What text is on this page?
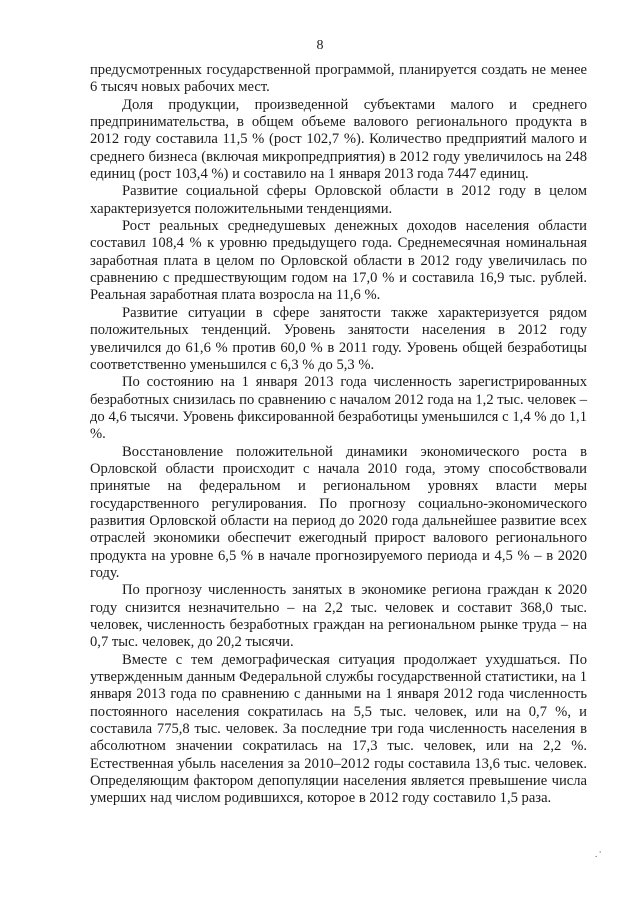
8

предусмотренных государственной программой, планируется создать не менее 6 тысяч новых рабочих мест.

Доля продукции, произведенной субъектами малого и среднего предпринимательства, в общем объеме валового регионального продукта в 2012 году составила 11,5 % (рост 102,7 %). Количество предприятий малого и среднего бизнеса (включая микропредприятия) в 2012 году увеличилось на 248 единиц (рост 103,4 %) и составило на 1 января 2013 года 7447 единиц.

Развитие социальной сферы Орловской области в 2012 году в целом характеризуется положительными тенденциями.

Рост реальных среднедушевых денежных доходов населения области составил 108,4 % к уровню предыдущего года. Среднемесячная номинальная заработная плата в целом по Орловской области в 2012 году увеличилась по сравнению с предшествующим годом на 17,0 % и составила 16,9 тыс. рублей. Реальная заработная плата возросла на 11,6 %.

Развитие ситуации в сфере занятости также характеризуется рядом положительных тенденций. Уровень занятости населения в 2012 году увеличился до 61,6 % против 60,0 % в 2011 году. Уровень общей безработицы соответственно уменьшился с 6,3 % до 5,3 %.

По состоянию на 1 января 2013 года численность зарегистрированных безработных снизилась по сравнению с началом 2012 года на 1,2 тыс. человек – до 4,6 тысячи. Уровень фиксированной безработицы уменьшился с 1,4 % до 1,1 %.

Восстановление положительной динамики экономического роста в Орловской области происходит с начала 2010 года, этому способствовали принятые на федеральном и региональном уровнях власти меры государственного регулирования. По прогнозу социально-экономического развития Орловской области на период до 2020 года дальнейшее развитие всех отраслей экономики обеспечит ежегодный прирост валового регионального продукта на уровне 6,5 % в начале прогнозируемого периода и 4,5 % – в 2020 году.

По прогнозу численность занятых в экономике региона граждан к 2020 году снизится незначительно – на 2,2 тыс. человек и составит 368,0 тыс. человек, численность безработных граждан на региональном рынке труда – на 0,7 тыс. человек, до 20,2 тысячи.

Вместе с тем демографическая ситуация продолжает ухудшаться. По утвержденным данным Федеральной службы государственной статистики, на 1 января 2013 года по сравнению с данными на 1 января 2012 года численность постоянного населения сократилась на 5,5 тыс. человек, или на 0,7 %, и составила 775,8 тыс. человек. За последние три года численность населения в абсолютном значении сократилась на 17,3 тыс. человек, или на 2,2 %. Естественная убыль населения за 2010–2012 годы составила 13,6 тыс. человек. Определяющим фактором депопуляции населения является превышение числа умерших над числом родившихся, которое в 2012 году составило 1,5 раза.

. ·
